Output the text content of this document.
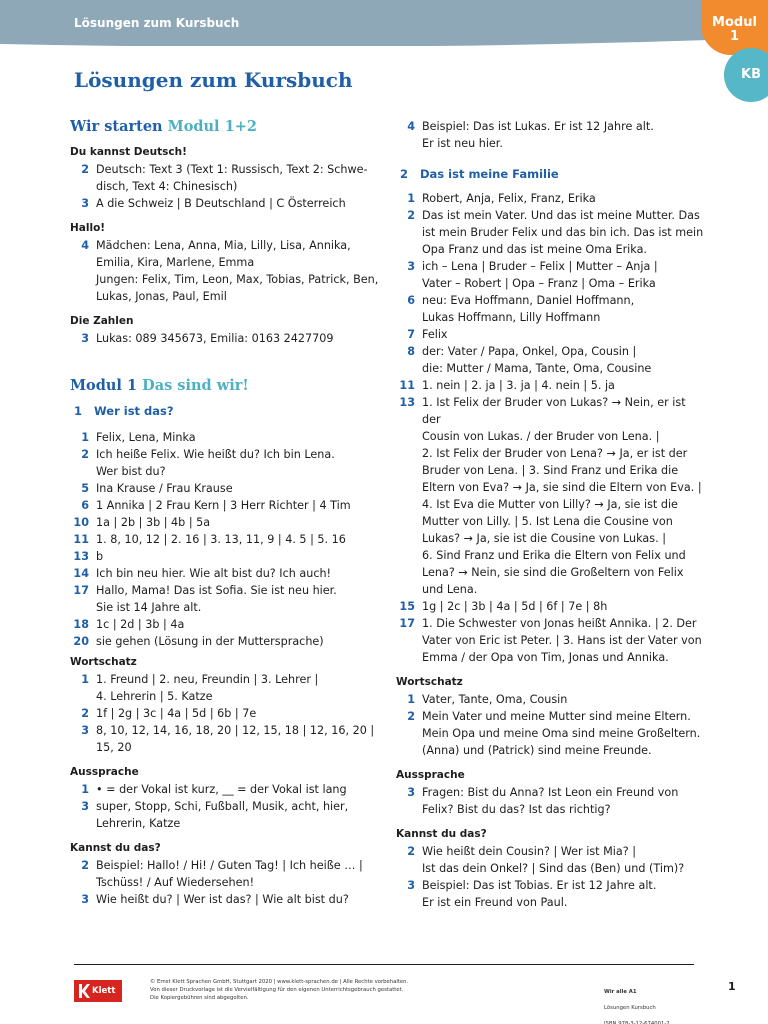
Lösungen zum Kursbuch	Modul
1
KB
Lösungen zum Kursbuch
Wir starten Modul 1+2
Du kannst Deutsch!
2 Deutsch: Text 3 (Text 1: Russisch, Text 2: Schwe-
disch, Text 4: Chinesisch)
3 A die Schweiz | B Deutschland | C Österreich
Hallo!
4 Mädchen: Lena, Anna, Mia, Lilly, Lisa, Annika,
Emilia, Kira, Marlene, Emma
Jungen: Felix, Tim, Leon, Max, Tobias, Patrick, Ben,
Lukas, Jonas, Paul, Emil
Die Zahlen
3 Lukas: 089 345673, Emilia: 0163 2427709
Modul 1 Das sind wir!
1 Wer ist das?
1 Felix, Lena, Minka
2 Ich heiße Felix. Wie heißt du? Ich bin Lena.
Wer bist du?
5 Ina Krause / Frau Krause
6 1 Annika | 2 Frau Kern | 3 Herr Richter | 4 Tim
10 1a | 2b | 3b | 4b | 5a
11 1. 8, 10, 12 | 2. 16 | 3. 13, 11, 9 | 4. 5 | 5. 16
13 b
14 Ich bin neu hier. Wie alt bist du? Ich auch!
17 Hallo, Mama! Das ist Sofia. Sie ist neu hier.
Sie ist 14 Jahre alt.
18 1c | 2d | 3b | 4a
20 sie gehen (Lösung in der Muttersprache)
Wortschatz
1 1. Freund | 2. neu, Freundin | 3. Lehrer |
4. Lehrerin | 5. Katze
2 1f | 2g | 3c | 4a | 5d | 6b | 7e
3 8, 10, 12, 14, 16, 18, 20 | 12, 15, 18 | 12, 16, 20 |
15, 20
Aussprache
1 • = der Vokal ist kurz, __ = der Vokal ist lang
3 super, Stopp, Schi, Fußball, Musik, acht, hier,
Lehrerin, Katze
Kannst du das?
2 Beispiel: Hallo! / Hi! / Guten Tag! | Ich heiße … |
Tschüss! / Auf Wiedersehen!
3 Wie heißt du? | Wer ist das? | Wie alt bist du?
4 Beispiel: Das ist Lukas. Er ist 12 Jahre alt.
Er ist neu hier.
2 Das ist meine Familie
1 Robert, Anja, Felix, Franz, Erika
2 Das ist mein Vater. Und das ist meine Mutter. Das
ist mein Bruder Felix und das bin ich. Das ist mein
Opa Franz und das ist meine Oma Erika.
3 ich – Lena | Bruder – Felix | Mutter – Anja |
Vater – Robert | Opa – Franz | Oma – Erika
6 neu: Eva Hoffmann, Daniel Hoffmann,
Lukas Hoffmann, Lilly Hoffmann
7 Felix
8 der: Vater / Papa, Onkel, Opa, Cousin |
die: Mutter / Mama, Tante, Oma, Cousine
11 1. nein | 2. ja | 3. ja | 4. nein | 5. ja
13 1. Ist Felix der Bruder von Lukas? → Nein, er ist der
Cousin von Lukas. / der Bruder von Lena. |
2. Ist Felix der Bruder von Lena? → Ja, er ist der
Bruder von Lena. | 3. Sind Franz und Erika die
Eltern von Eva? → Ja, sie sind die Eltern von Eva. |
4. Ist Eva die Mutter von Lilly? → Ja, sie ist die
Mutter von Lilly. | 5. Ist Lena die Cousine von
Lukas? → Ja, sie ist die Cousine von Lukas. |
6. Sind Franz und Erika die Eltern von Felix und
Lena? → Nein, sie sind die Großeltern von Felix
und Lena.
15 1g | 2c | 3b | 4a | 5d | 6f | 7e | 8h
17 1. Die Schwester von Jonas heißt Annika. | 2. Der
Vater von Eric ist Peter. | 3. Hans ist der Vater von
Emma / der Opa von Tim, Jonas und Annika.
Wortschatz
1 Vater, Tante, Oma, Cousin
2 Mein Vater und meine Mutter sind meine Eltern.
Mein Opa und meine Oma sind meine Großeltern.
(Anna) und (Patrick) sind meine Freunde.
Aussprache
3 Fragen: Bist du Anna? Ist Leon ein Freund von
Felix? Bist du das? Ist das richtig?
Kannst du das?
2 Wie heißt dein Cousin? | Wer ist Mia? |
Ist das dein Onkel? | Sind das (Ben) und (Tim)?
3 Beispiel: Das ist Tobias. Er ist 12 Jahre alt.
Er ist ein Freund von Paul.
Klett
© Ernst Klett Sprachen GmbH, Stuttgart 2020 | www.klett-sprachen.de | Alle Rechte vorbehalten.
Von dieser Druckvorlage ist die Vervielfältigung für den eigenen Unterrichtsgebrauch gestattet.
Die Kopiergebühren sind abgegolten.

Wir alle A1

Lösungen Kursbuch

ISBN 978-3-12-674001-2

1
